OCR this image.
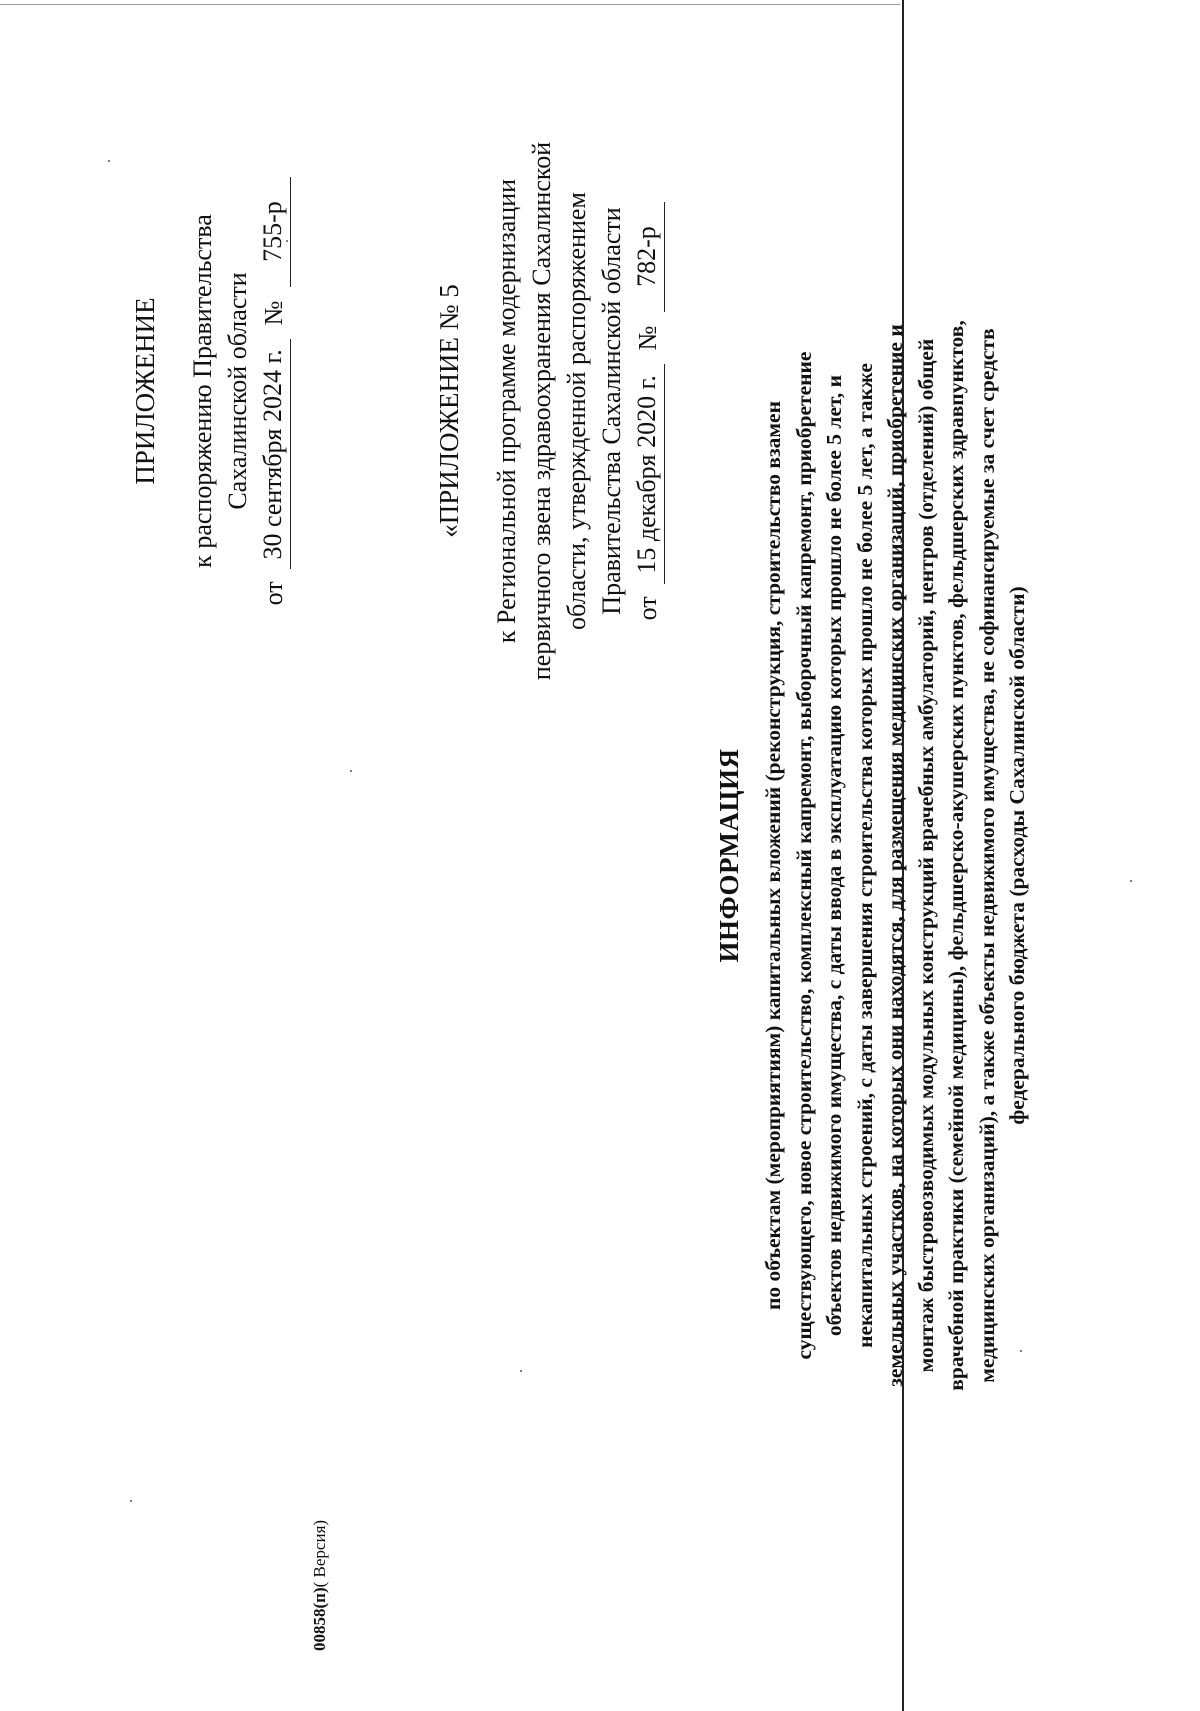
ПРИЛОЖЕНИЕ к распоряжению Правительства Сахалинской области
от
30 сентября 2024 г.
№
755-р
«ПРИЛОЖЕНИЕ № 5 к Региональной программе модернизации первичного звена здравоохранения Сахалинской области, утвержденной распоряжением Правительства Сахалинской области от
15 декабря 2020 г.
№
782-р
ИНФОРМАЦИЯ по объектам (мероприятиям) капитальных вложений (реконструкция, строительство взамен существующего, новое строительство, комплексный капремонт, выборочный капремонт, приобретение объектов недвижимого имущества, с даты ввода в эксплуатацию которых прошло не более 5 лет, и некапитальных строений, с даты завершения строительства которых прошло не более 5 лет, а также земельных участков, на которых они находятся, для размещения медицинских организаций, приобретение и монтаж быстровозводимых модульных конструкций врачебных амбулаторий, центров (отделений) общей врачебной практики (семейной медицины), фельдшерско-акушерских пунктов, фельдшерских здравпунктов, медицинских организаций), а также объекты недвижимого имущества, не софинансируемые за счет средств федерального бюджета (расходы Сахалинской области)
00858(п)( Версия)
